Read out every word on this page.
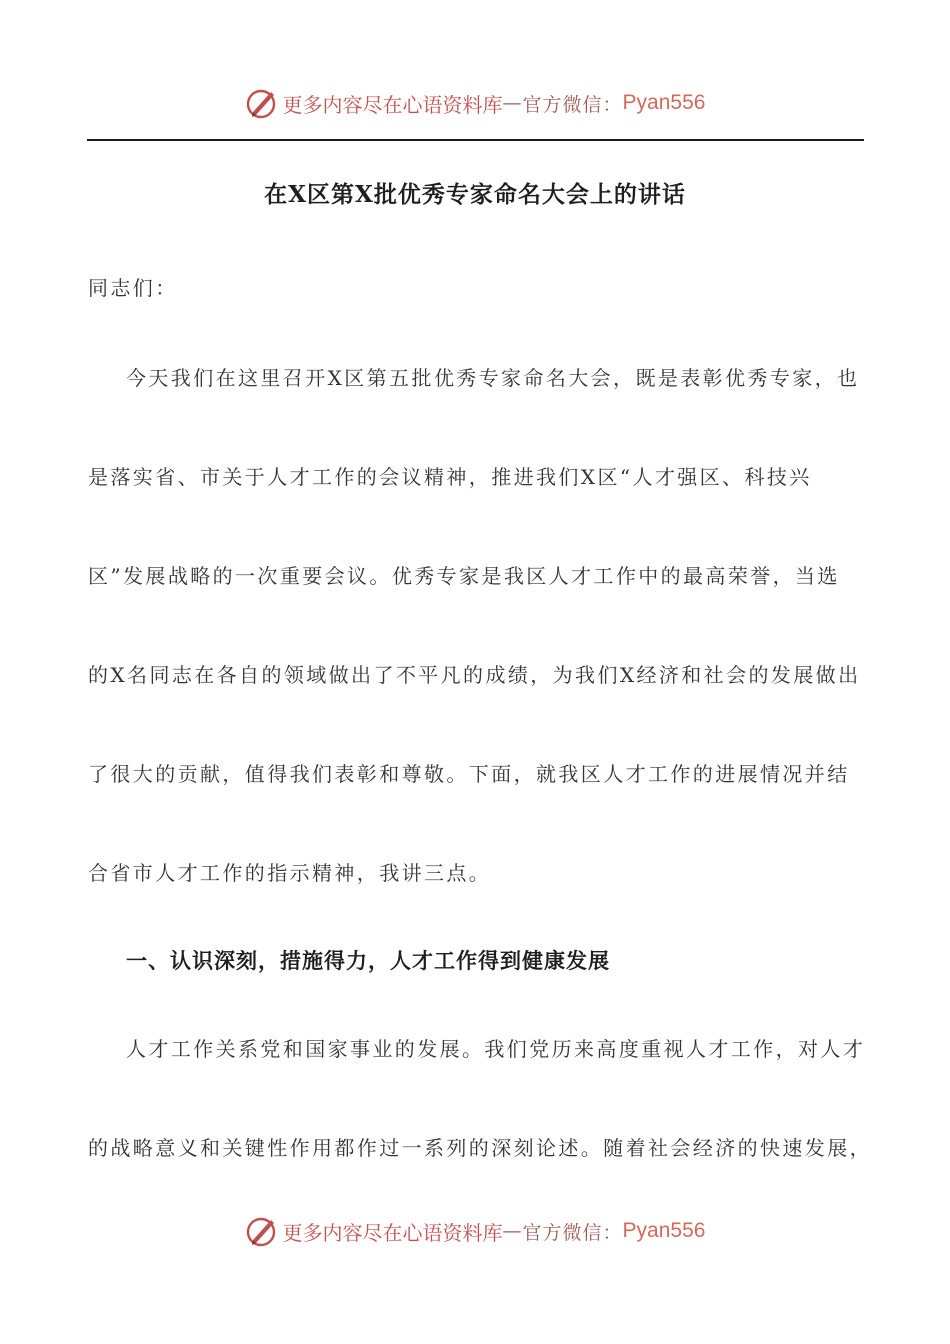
更多内容尽在心语资料库 — 官方微信： Pyan556
在X区第X批优秀专家命名大会上的讲话
同志们：
今天我们在这里召开X区第五批优秀专家命名大会，既是表彰优秀专家，也
是落实省、市关于人才工作的会议精神，推进我们X区“人才强区、科技兴
区”发展战略的一次重要会议。优秀专家是我区人才工作中的最高荣誉，当选
的X名同志在各自的领域做出了不平凡的成绩，为我们X经济和社会的发展做出
了很大的贡献，值得我们表彰和尊敬。下面，就我区人才工作的进展情况并结
合省市人才工作的指示精神，我讲三点。
一、认识深刻，措施得力，人才工作得到健康发展
人才工作关系党和国家事业的发展。我们党历来高度重视人才工作，对人才
的战略意义和关键性作用都作过一系列的深刻论述。随着社会经济的快速发展，
更多内容尽在心语资料库 — 官方微信： Pyan556
